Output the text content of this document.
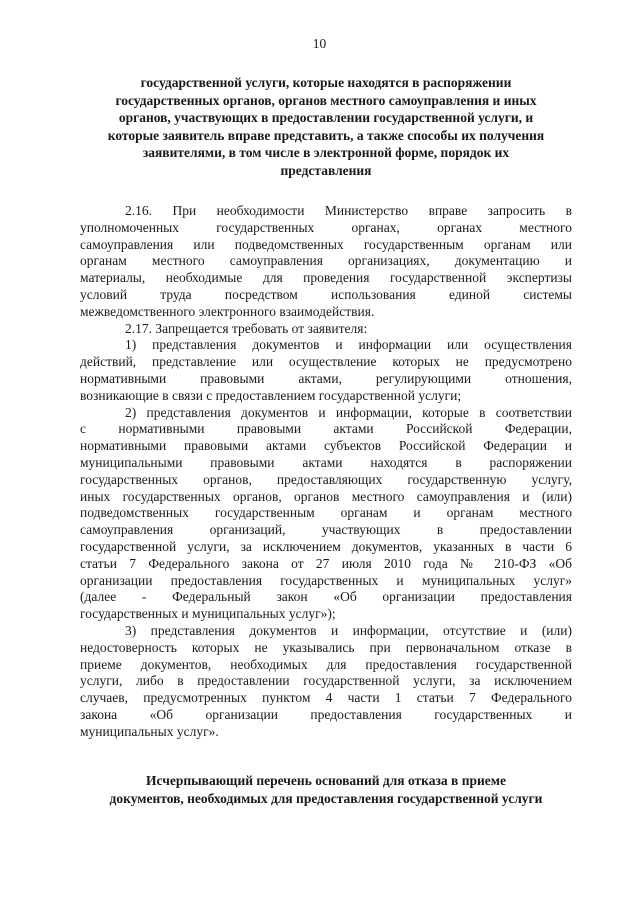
10
государственной услуги, которые находятся в распоряжении
государственных органов, органов местного самоуправления и иных
органов, участвующих в предоставлении государственной услуги, и
которые заявитель вправе представить, а также способы их получения
заявителями, в том числе в электронной форме, порядок их
представления

2.16. При необходимости Министерство вправе запросить в
уполномоченных государственных органах, органах местного
самоуправления или подведомственных государственным органам или
органам местного самоуправления организациях, документацию и
материалы, необходимые для проведения государственной экспертизы
условий труда посредством использования единой системы
межведомственного электронного взаимодействия.

2.17. Запрещается требовать от заявителя:

1) представления документов и информации или осуществления
действий, представление или осуществление которых не предусмотрено
нормативными правовыми актами, регулирующими отношения,
возникающие в связи с предоставлением государственной услуги;

2) представления документов и информации, которые в соответствии
с нормативными правовыми актами Российской Федерации,
нормативными правовыми актами субъектов Российской Федерации и
муниципальными правовыми актами находятся в распоряжении
государственных органов, предоставляющих государственную услугу,
иных государственных органов, органов местного самоуправления и (или)
подведомственных государственным органам и органам местного
самоуправления организаций, участвующих в предоставлении
государственной услуги, за исключением документов, указанных в части 6
статьи 7 Федерального закона от 27 июля 2010 года № 210-ФЗ «Об
организации предоставления государственных и муниципальных услуг»
(далее - Федеральный закон «Об организации предоставления
государственных и муниципальных услуг»);

3) представления документов и информации, отсутствие и (или)
недостоверность которых не указывались при первоначальном отказе в
приеме документов, необходимых для предоставления государственной
услуги, либо в предоставлении государственной услуги, за исключением
случаев, предусмотренных пунктом 4 части 1 статьи 7 Федерального
закона «Об организации предоставления государственных и
муниципальных услуг».

Исчерпывающий перечень оснований для отказа в приеме
документов, необходимых для предоставления государственной услуги
